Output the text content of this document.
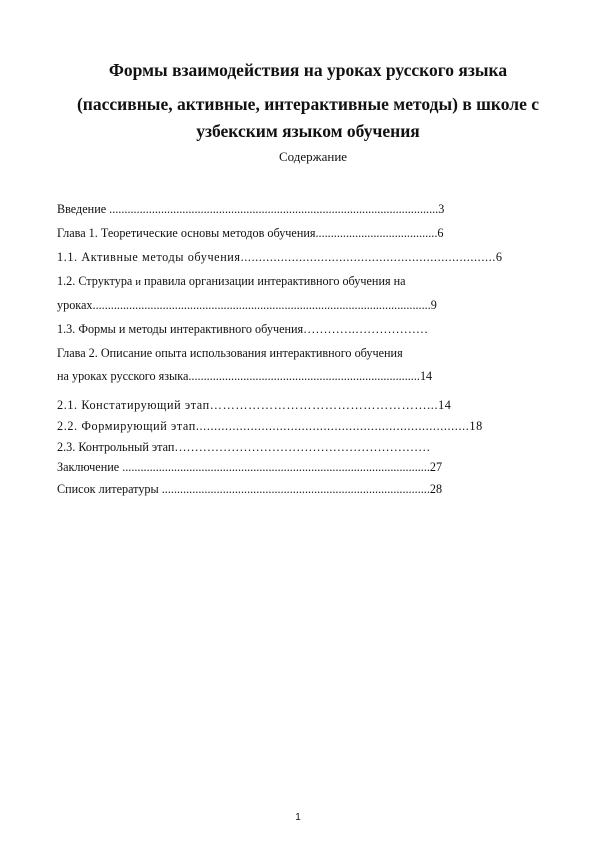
Формы взаимодействия на уроках русского языка
(пассивные, активные, интерактивные методы) в школе с
узбекским языком обучения
Содержание
Введение ............................................................................................................3
Глава 1. Теоретические основы методов обучения........................................6
1.1. Активные методы обучения......................................................................6
1.2. Структура и правила организации интерактивного обучения на
уроках...............................................................................................................9
1.3. Формы и методы интерактивного обучения………….………………
Глава 2. Описание опыта использования интерактивного обучения
на уроках русского языка............................................................................14
2.1. Констатирующий этап……………………………………………...14
2.2. Формирующий этап...........................................................................18
2.3. Контрольный этап………………………………………………………
Заключение .....................................................................................................27
Список литературы ........................................................................................28
1
